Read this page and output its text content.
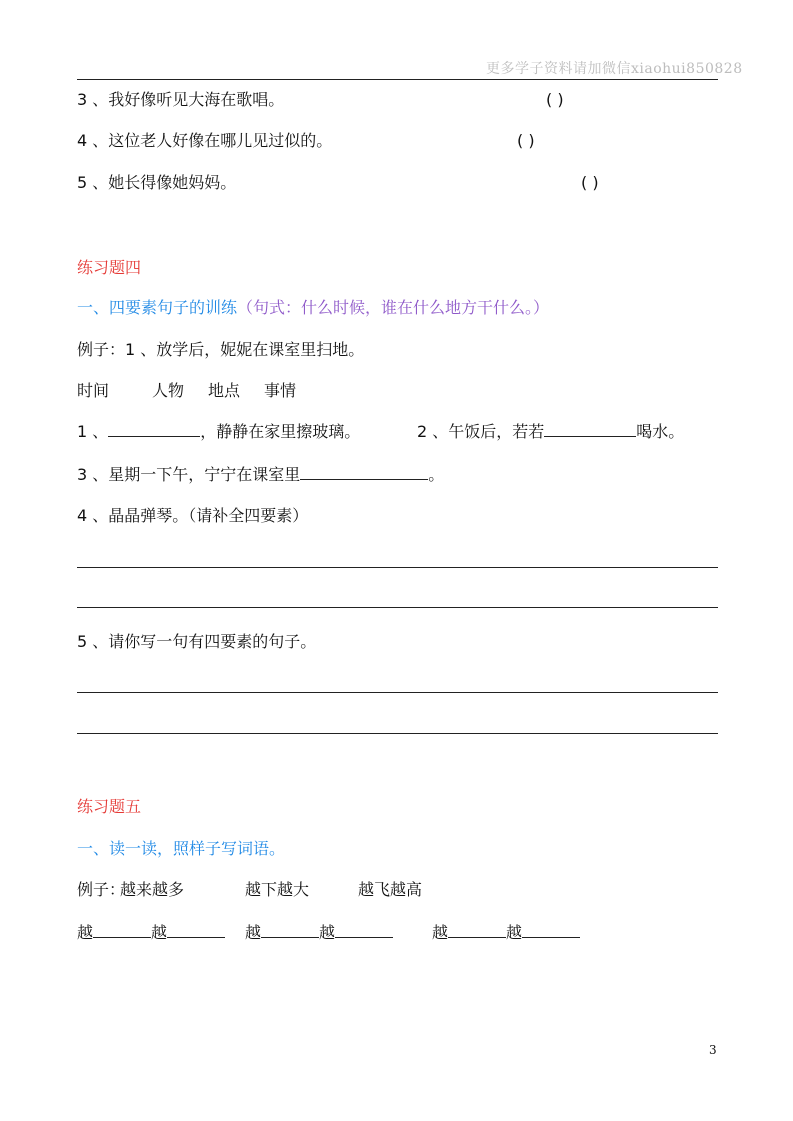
更多学子资料请加微信xiaohui850828
3 、我好像听见大海在歌唱。	( )
4 、这位老人好像在哪儿见过似的。	( )
5 、她长得像她妈妈。	( )
练习题四
一、四要素句子的训练（句式：什么时候，谁在什么地方干什么。）
例子：1 、放学后，妮妮在课室里扫地。
时间	人物 地点 事情
1 、	，静静在家里擦玻璃。	2 、午饭后，若若	喝水。
3 、星期一下午，宁宁在课室里	。
4 、晶晶弹琴。（请补全四要素）
5 、请你写一句有四要素的句子。
练习题五
一、读一读，照样子写词语。
例子：
越来越多	越下越大	越飞越高
越	越	越	越	越	越
3
